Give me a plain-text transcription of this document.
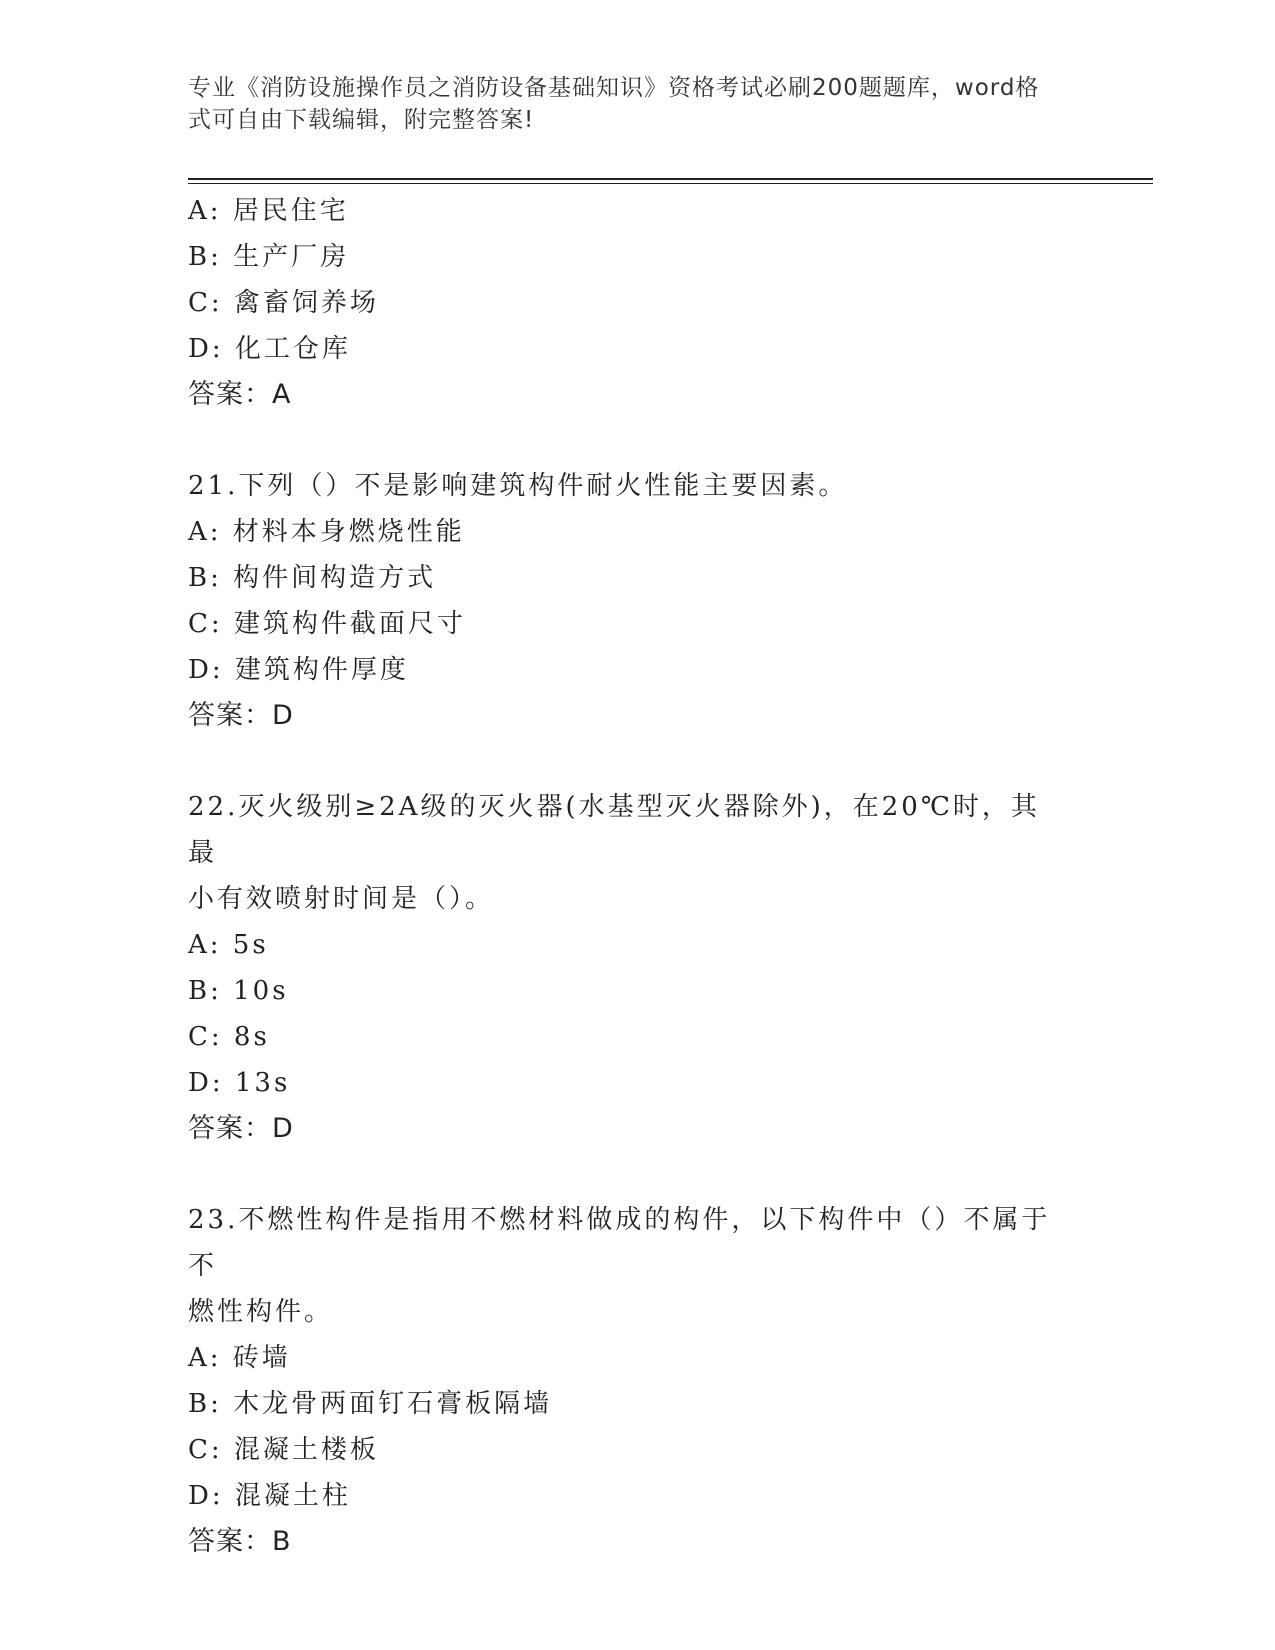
专业《消防设施操作员之消防设备基础知识》资格考试必刷200题题库，word格
式可自由下载编辑，附完整答案!
A: 居民住宅
B: 生产厂房
C: 禽畜饲养场
D: 化工仓库
答案：A
21.下列（）不是影响建筑构件耐火性能主要因素。
A: 材料本身燃烧性能
B: 构件间构造方式
C: 建筑构件截面尺寸
D: 建筑构件厚度
答案：D
22.灭火级别≥2A级的灭火器(水基型灭火器除外)，在20℃时，其最
小有效喷射时间是（）。
A: 5s
B: 10s
C: 8s
D: 13s
答案：D
23.不燃性构件是指用不燃材料做成的构件，以下构件中（）不属于不
燃性构件。
A: 砖墙
B: 木龙骨两面钉石膏板隔墙
C: 混凝土楼板
D: 混凝土柱
答案：B
